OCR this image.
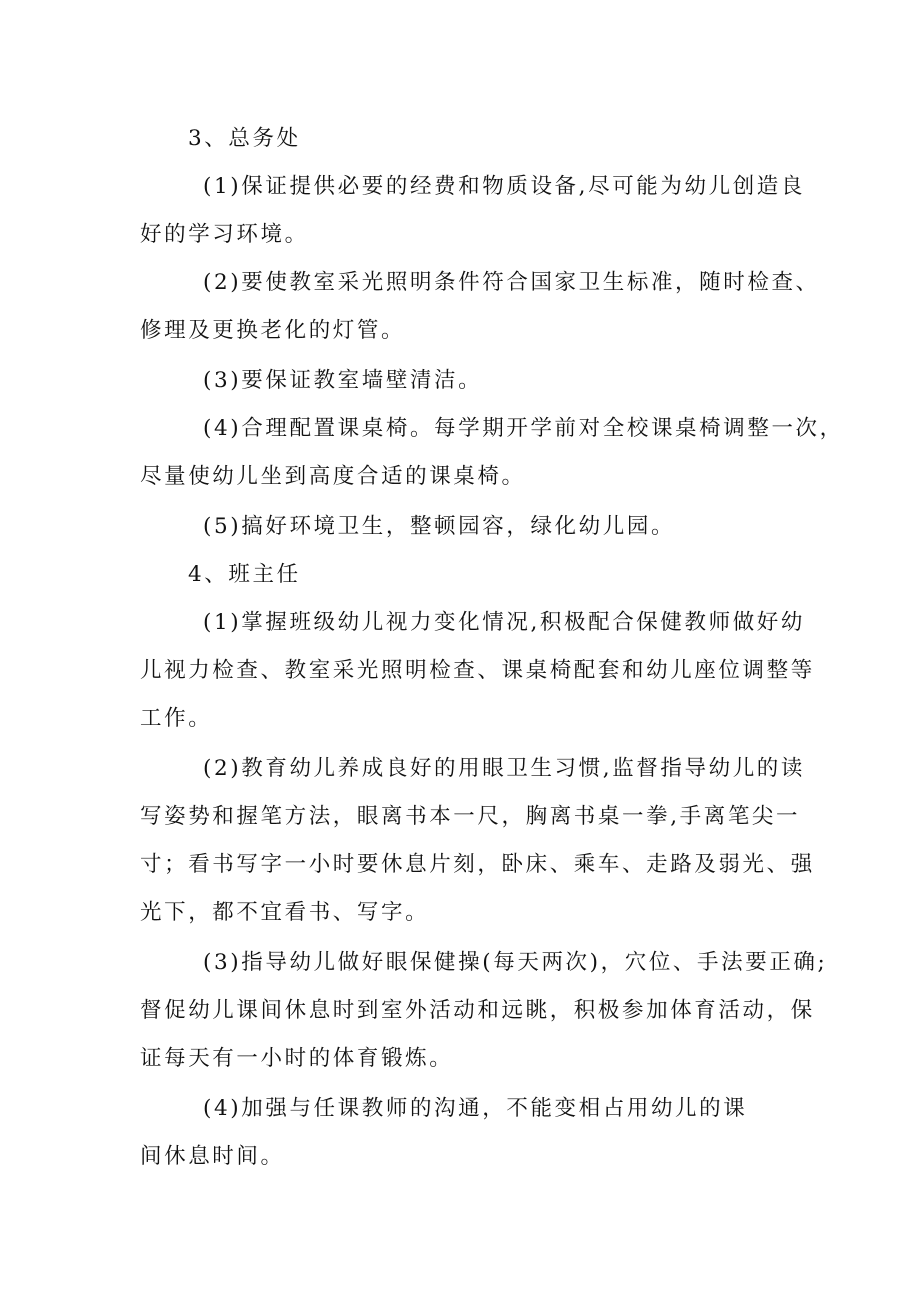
3、总务处
(1)保证提供必要的经费和物质设备,尽可能为幼儿创造良
好的学习环境。
(2)要使教室采光照明条件符合国家卫生标准，随时检查、
修理及更换老化的灯管。
(3)要保证教室墙壁清洁。
(4)合理配置课桌椅。每学期开学前对全校课桌椅调整一次，
尽量使幼儿坐到高度合适的课桌椅。
(5)搞好环境卫生，整顿园容，绿化幼儿园。
4、班主任
(1)掌握班级幼儿视力变化情况,积极配合保健教师做好幼
儿视力检查、教室采光照明检查、课桌椅配套和幼儿座位调整等
工作。
(2)教育幼儿养成良好的用眼卫生习惯,监督指导幼儿的读
写姿势和握笔方法，眼离书本一尺，胸离书桌一拳,手离笔尖一
寸；看书写字一小时要休息片刻，卧床、乘车、走路及弱光、强
光下，都不宜看书、写字。
(3)指导幼儿做好眼保健操(每天两次)，穴位、手法要正确;
督促幼儿课间休息时到室外活动和远眺，积极参加体育活动，保
证每天有一小时的体育锻炼。
(4)加强与任课教师的沟通，不能变相占用幼儿的课
间休息时间。
